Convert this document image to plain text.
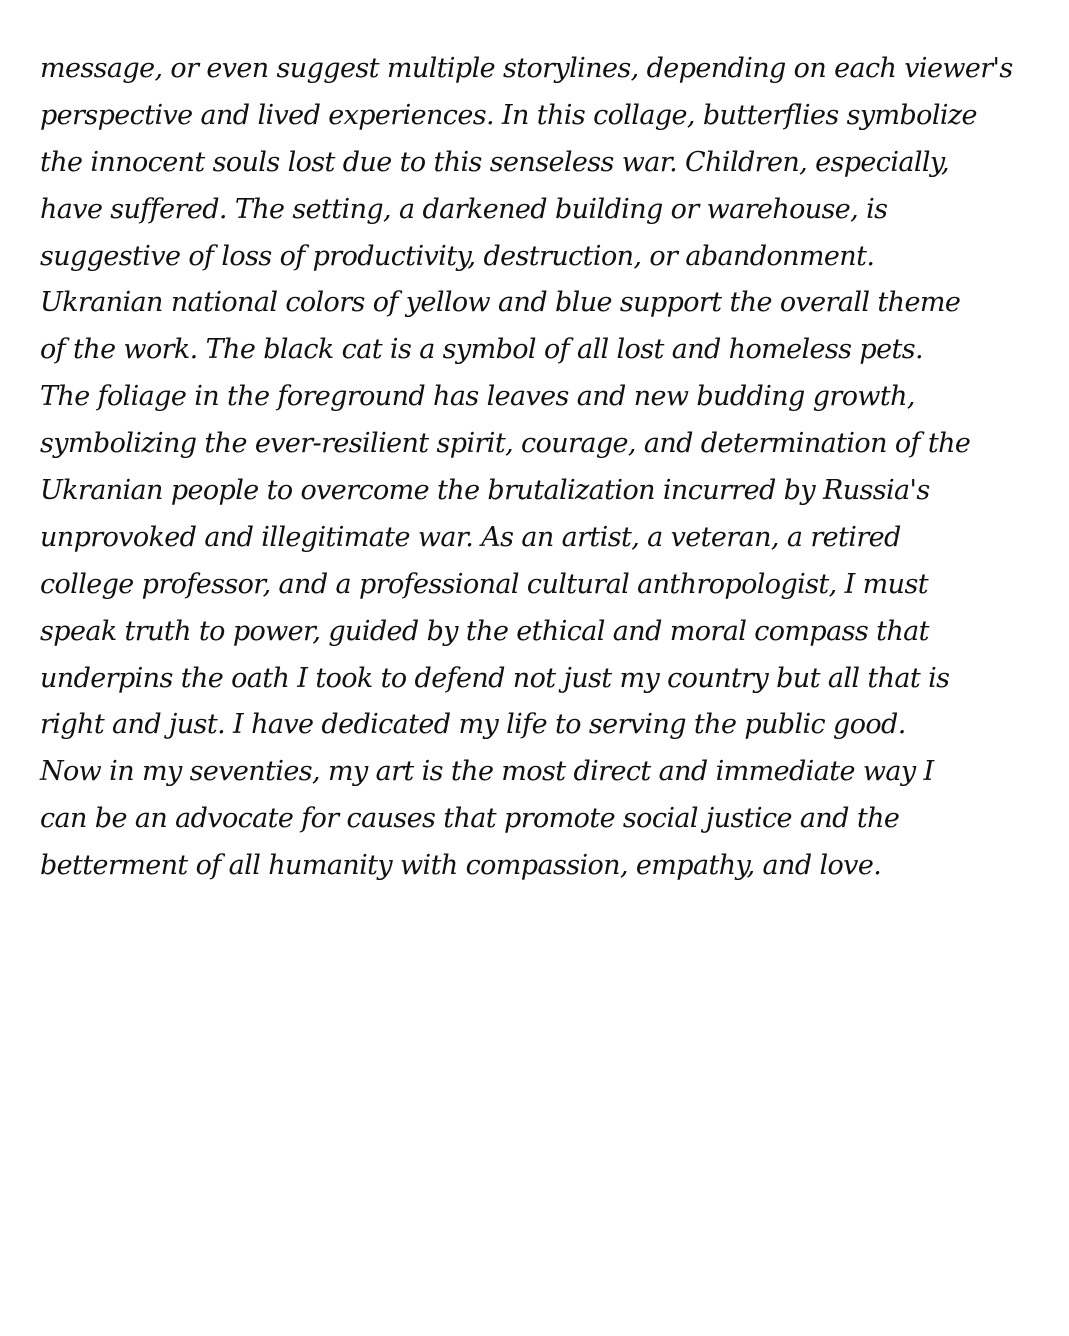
message, or even suggest multiple storylines, depending on each viewer's
perspective and lived experiences. In this collage, butterflies symbolize
the innocent souls lost due to this senseless war. Children, especially,
have suffered. The setting, a darkened building or warehouse, is
suggestive of loss of productivity, destruction, or abandonment.
Ukranian national colors of yellow and blue support the overall theme
of the work. The black cat is a symbol of all lost and homeless pets.
The foliage in the foreground has leaves and new budding growth,
symbolizing the ever-resilient spirit, courage, and determination of the
Ukranian people to overcome the brutalization incurred by Russia's
unprovoked and illegitimate war. As an artist, a veteran, a retired
college professor, and a professional cultural anthropologist, I must
speak truth to power, guided by the ethical and moral compass that
underpins the oath I took to defend not just my country but all that is
right and just. I have dedicated my life to serving the public good.
Now in my seventies, my art is the most direct and immediate way I
can be an advocate for causes that promote social justice and the
betterment of all humanity with compassion, empathy, and love.
